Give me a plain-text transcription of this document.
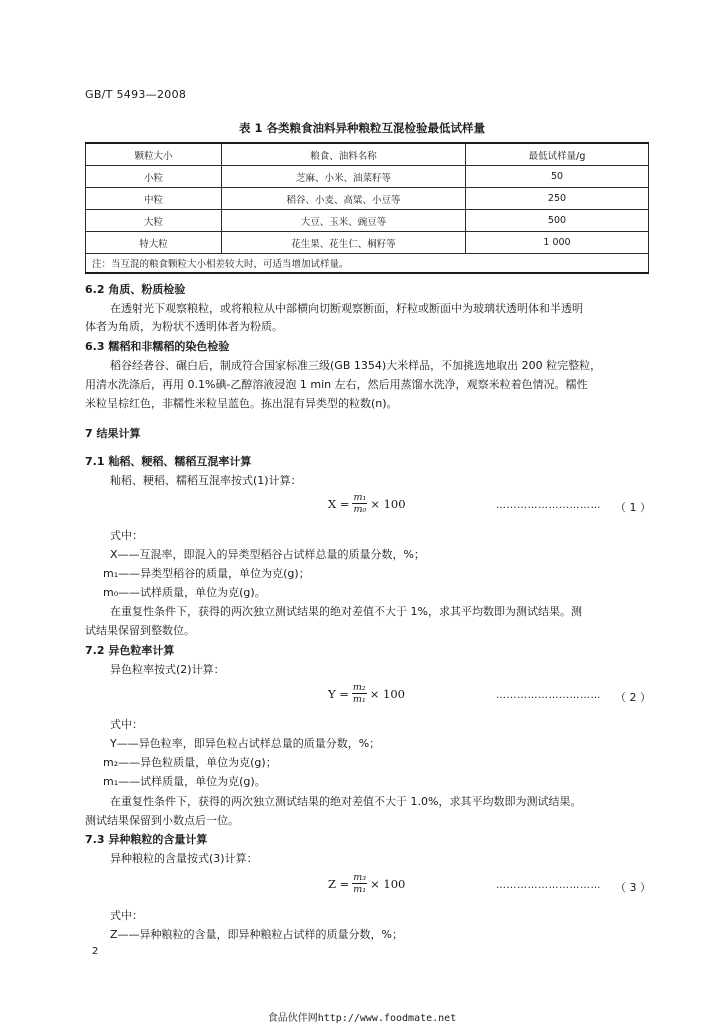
GB/T 5493—2008
表 1 各类粮食油料异种粮粒互混检验最低试样量
颗粒大小	粮食、油料名称	最低试样量/g
小粒	芝麻、小米、油菜籽等	50
中粒	稻谷、小麦、高粱、小豆等	250
大粒	大豆、玉米、豌豆等	500
特大粒	花生果、花生仁、桐籽等	1 000
注：当互混的粮食颗粒大小相差较大时，可适当增加试样量。		
6.2 角质、粉质检验
在透射光下观察粮粒，或将粮粒从中部横向切断观察断面，籽粒或断面中为玻璃状透明体和半透明
体者为角质，为粉状不透明体者为粉质。
6.3 糯稻和非糯稻的染色检验
稻谷经砻谷、碾白后，制成符合国家标准三级(GB 1354)大米样品，不加挑选地取出 200 粒完整粒，
用清水洗涤后，再用 0.1%碘-乙醇溶液浸泡 1 min 左右，然后用蒸馏水洗净，观察米粒着色情况。糯性
米粒呈棕红色，非糯性米粒呈蓝色。拣出混有异类型的粒数(n)。
7 结果计算
7.1 籼稻、粳稻、糯稻互混率计算
籼稻、粳稻、糯稻互混率按式(1)计算：
$X = \frac{\text{m₁}}{\text{m₀}} \times 100$	………………………… （ 1 ）
式中：
X——互混率，即混入的异类型稻谷占试样总量的质量分数，%；
m₁——异类型稻谷的质量，单位为克(g)；
m₀——试样质量，单位为克(g)。
在重复性条件下，获得的两次独立测试结果的绝对差值不大于 1%，求其平均数即为测试结果。测
试结果保留到整数位。
7.2 异色粒率计算
异色粒率按式(2)计算：
$Y = \frac{\text{m₂}}{\text{m₁}} \times 100$	………………………… （ 2 ）
式中：
Y——异色粒率，即异色粒占试样总量的质量分数，%；
m₂——异色粒质量，单位为克(g)；
m₁——试样质量，单位为克(g)。
在重复性条件下，获得的两次独立测试结果的绝对差值不大于 1.0%，求其平均数即为测试结果。
测试结果保留到小数点后一位。
7.3 异种粮粒的含量计算
异种粮粒的含量按式(3)计算：
$Z = \frac{\text{m₃}}{\text{m₁}} \times 100$	………………………… （ 3 ）
式中：
Z——异种粮粒的含量，即异种粮粒占试样的质量分数，%；
2
食品伙伴网http://www.foodmate.net
